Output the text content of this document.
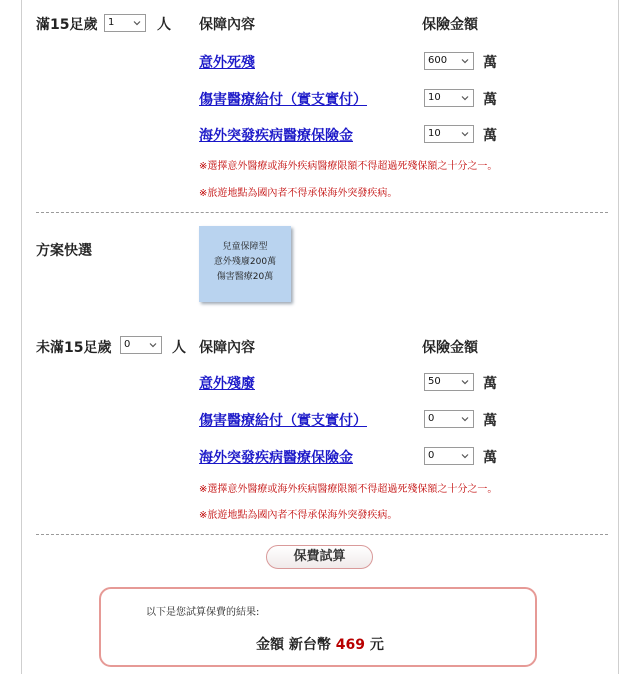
滿15足歲	1	人 保障內容	保險金額
意外死殘	600	萬
傷害醫療給付（實支實付）	10	萬
海外突發疾病醫療保險金	10	萬
※選擇意外醫療或海外疾病醫療限額不得超過死殘保額之十分之一。
※旅遊地點為國內者不得承保海外突發疾病。
方案快選	兒童保障型
意外殘廢200萬
傷害醫療20萬
未滿15足歲	0	人 保障內容	保險金額
意外殘廢	50	萬
傷害醫療給付（實支實付）	0	萬
海外突發疾病醫療保險金	0	萬
※選擇意外醫療或海外疾病醫療限額不得超過死殘保額之十分之一。
※旅遊地點為國內者不得承保海外突發疾病。
保費試算
以下是您試算保費的結果:
金額 新台幣 469 元
